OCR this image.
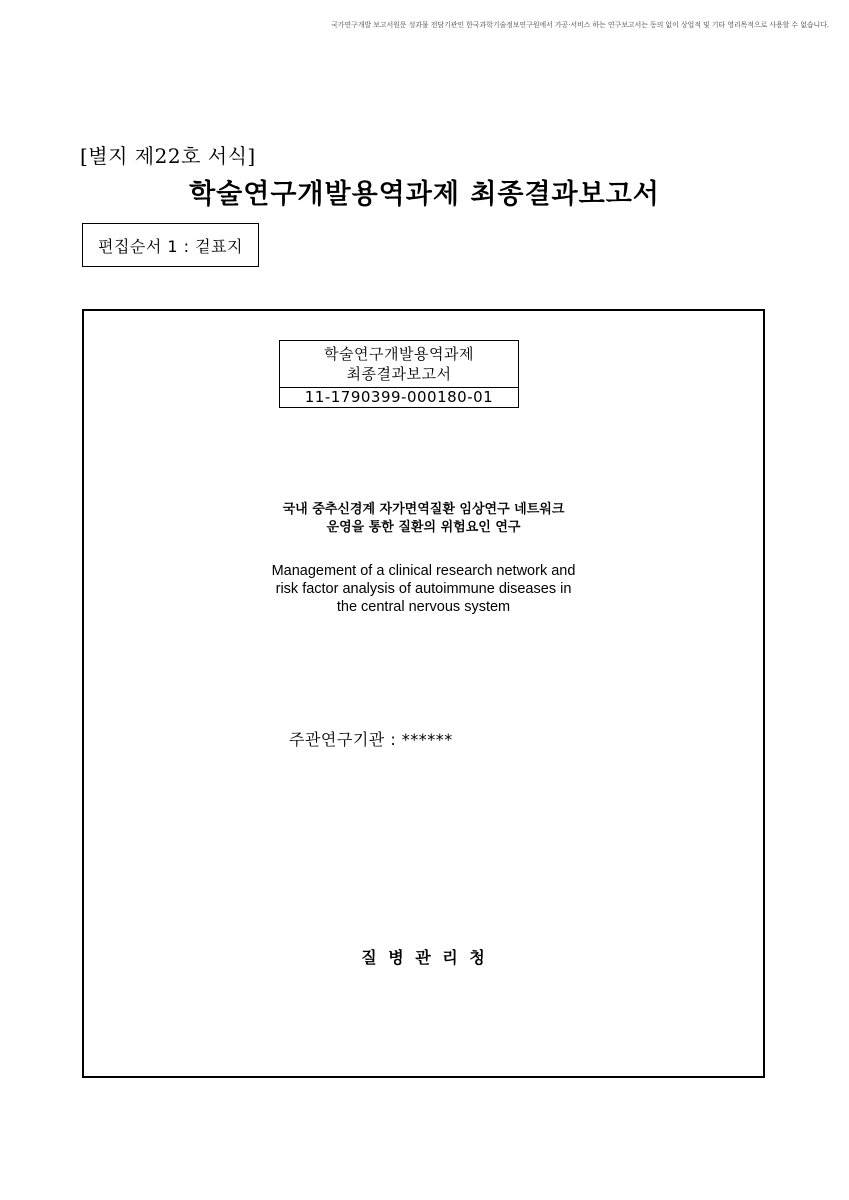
국가연구개발 보고서원문 성과물 전담기관인 한국과학기술정보연구원에서 가공·서비스 하는 연구보고서는 동의 없이 상업적 및 기타 영리목적으로 사용할 수 없습니다.
[별지 제22호 서식]
학술연구개발용역과제 최종결과보고서
편집순서 1 : 겉표지
학술연구개발용역과제
최종결과보고서
11-1790399-000180-01
국내 중추신경계 자가면역질환 임상연구 네트워크
운영을 통한 질환의 위험요인 연구
Management of a clinical research network and
risk factor analysis of autoimmune diseases in
the central nervous system
주관연구기관 : ******
질 병 관 리 청
